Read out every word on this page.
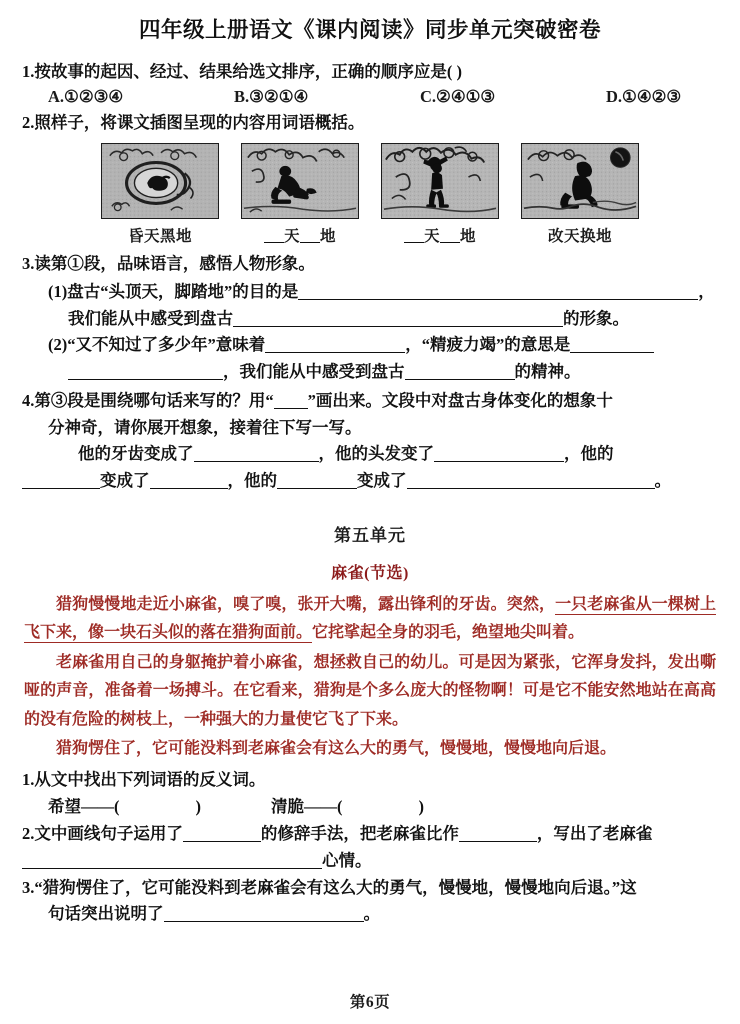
四年级上册语文《课内阅读》同步单元突破密卷
1.按故事的起因、经过、结果给选文排序，正确的顺序应是( )
A.①②③④	B.③②①④	C.②④①③	D.①④②③
2.照样子，将课文插图呈现的内容用词语概括。
昏天黑地	天 地	天 地	改天换地
3.读第①段，品味语言，感悟人物形象。
(1)盘古“头顶天，脚踏地”的目的是	，
我们能从中感受到盘古	的形象。
(2)“又不知过了多少年”意味着	，“精疲力竭”的意思是
，我们能从中感受到盘古	的精神。
4.第③段是围绕哪句话来写的？用“ ”画出来。文段中对盘古身体变化的想象十
分神奇，请你展开想象，接着往下写一写。
他的牙齿变成了	，他的头发变了	，他的
变成了	，他的	变成了	。
第五单元
麻雀(节选)

猎狗慢慢地走近小麻雀，嗅了嗅，张开大嘴，露出锋利的牙齿。突然，一只老麻雀从一棵树上飞下来，像一块石头似的落在猎狗面前。它挓挲起全身的羽毛，绝望地尖叫着。

老麻雀用自己的身躯掩护着小麻雀，想拯救自己的幼儿。可是因为紧张，它浑身发抖，发出嘶哑的声音，准备着一场搏斗。在它看来，猎狗是个多么庞大的怪物啊！可是它不能安然地站在高高的没有危险的树枝上，一种强大的力量使它飞了下来。

猎狗愣住了，它可能没料到老麻雀会有这么大的勇气，慢慢地，慢慢地向后退。

1.从文中找出下列词语的反义词。
希望——(	)	清脆——(	)
2.文中画线句子运用了	的修辞手法，把老麻雀比作	，写出了老麻雀
心情。
3.“猎狗愣住了，它可能没料到老麻雀会有这么大的勇气，慢慢地，慢慢地向后退。”这
句话突出说明了	。
第6页
